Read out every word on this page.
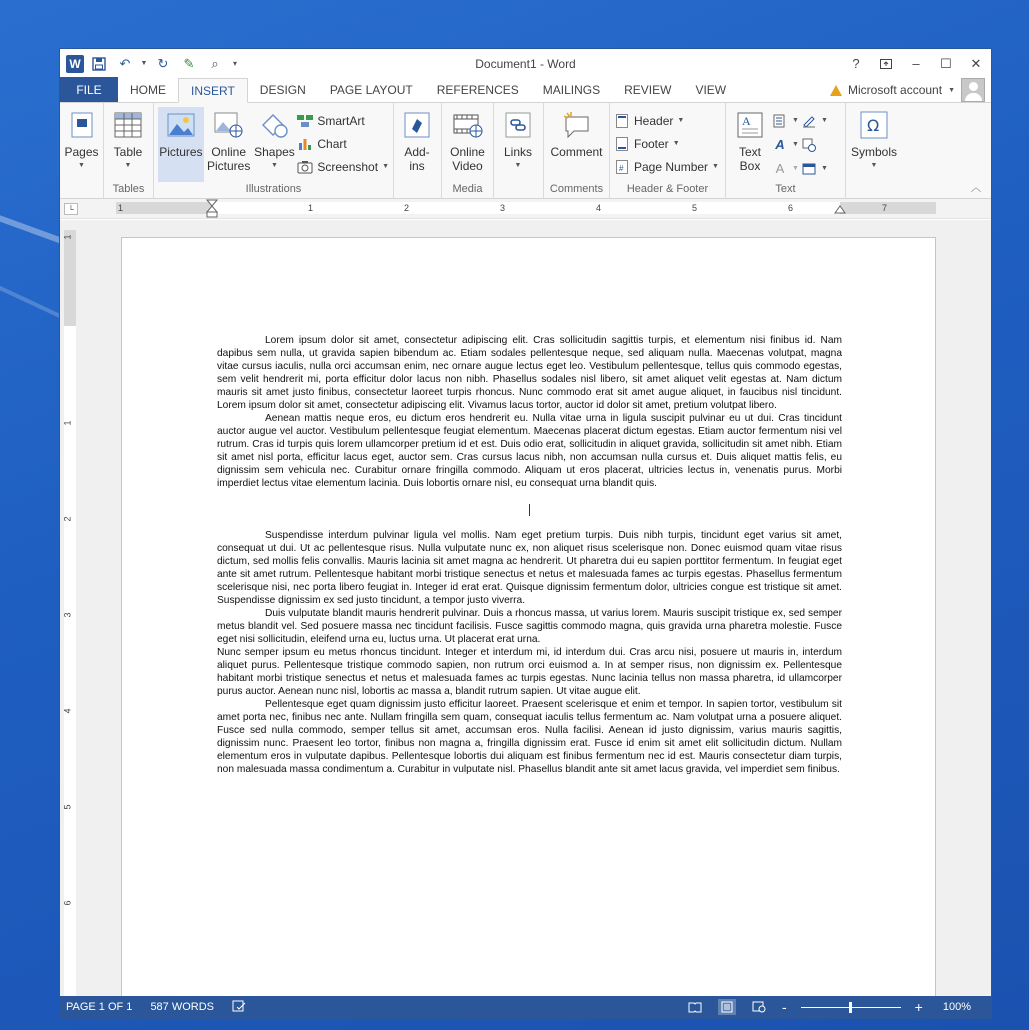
W	↶	▼ ↻	✎	⌕	▾	Document1 - Word	?	–	☐	✕
FILE	HOME	INSERT	DESIGN	PAGE LAYOUT	REFERENCES	MAILINGS	REVIEW	VIEW	Microsoft account ▼
Pages
▼
Table
▼
Tables
Pictures Online
Pictures
Shapes
▼
SmartArt
Chart
Screenshot ▼
Illustrations
Add-
ins
Online
Video
Media
Links
▼
Comment
Comments
Header ▼
Footer ▼
# Page Number ▼
Header & Footer
A
Text
Box
▼
A	▼
A	▼
▼
▼
Text
Ω
Symbols
▼
︿
└	1	1	2	3	4	5	6	7
1
1
2
3
4
5
6

Lorem ipsum dolor sit amet, consectetur adipiscing elit. Cras sollicitudin sagittis turpis, et elementum nisi finibus id. Nam dapibus sem nulla, ut gravida sapien bibendum ac. Etiam sodales pellentesque neque, sed aliquam nulla. Maecenas volutpat, magna vitae cursus iaculis, nulla orci accumsan enim, nec ornare augue lectus eget leo. Vestibulum pellentesque, tellus quis commodo egestas, sem velit hendrerit mi, porta efficitur dolor lacus non nibh. Phasellus sodales nisl libero, sit amet aliquet velit egestas at. Nam dictum mauris sit amet justo finibus, consectetur laoreet turpis rhoncus. Nunc commodo erat sit amet augue aliquet, in faucibus nisl tincidunt. Lorem ipsum dolor sit amet, consectetur adipiscing elit. Vivamus lacus tortor, auctor id dolor sit amet, pretium volutpat libero.

Aenean mattis neque eros, eu dictum eros hendrerit eu. Nulla vitae urna in ligula suscipit pulvinar eu ut dui. Cras tincidunt auctor augue vel auctor. Vestibulum pellentesque feugiat elementum. Maecenas placerat dictum egestas. Etiam auctor fermentum nisi vel rutrum. Cras id turpis quis lorem ullamcorper pretium id et est. Duis odio erat, sollicitudin in aliquet gravida, sollicitudin sit amet nibh. Etiam sit amet nisl porta, efficitur lacus eget, auctor sem. Cras cursus lacus nibh, non accumsan nulla cursus et. Duis aliquet mattis felis, eu dignissim sem vehicula nec. Curabitur ornare fringilla commodo. Aliquam ut eros placerat, ultricies lectus in, venenatis purus. Morbi imperdiet lectus vitae elementum lacinia. Duis lobortis ornare nisl, eu consequat urna blandit quis.

Suspendisse interdum pulvinar ligula vel mollis. Nam eget pretium turpis. Duis nibh turpis, tincidunt eget varius sit amet, consequat ut dui. Ut ac pellentesque risus. Nulla vulputate nunc ex, non aliquet risus scelerisque non. Donec euismod quam vitae risus dictum, sed mollis felis convallis. Mauris lacinia sit amet magna ac hendrerit. Ut pharetra dui eu sapien porttitor fermentum. In feugiat eget ante sit amet rutrum. Pellentesque habitant morbi tristique senectus et netus et malesuada fames ac turpis egestas. Phasellus fermentum scelerisque nisi, nec porta libero feugiat in. Integer id erat erat. Quisque dignissim fermentum dolor, ultricies congue est tristique sit amet. Suspendisse dignissim ex sed justo tincidunt, a tempor justo viverra.

Duis vulputate blandit mauris hendrerit pulvinar. Duis a rhoncus massa, ut varius lorem. Mauris suscipit tristique ex, sed semper metus blandit vel. Sed posuere massa nec tincidunt facilisis. Fusce sagittis commodo magna, quis gravida urna pharetra molestie. Fusce eget nisi sollicitudin, eleifend urna eu, luctus urna. Ut placerat erat urna.

Nunc semper ipsum eu metus rhoncus tincidunt. Integer et interdum mi, id interdum dui. Cras arcu nisi, posuere ut mauris in, interdum aliquet purus. Pellentesque tristique commodo sapien, non rutrum orci euismod a. In at semper risus, non dignissim ex. Pellentesque habitant morbi tristique senectus et netus et malesuada fames ac turpis egestas. Nunc lacinia tellus non massa pharetra, id ullamcorper purus auctor. Aenean nunc nisl, lobortis ac massa a, blandit rutrum sapien. Ut vitae augue elit.

Pellentesque eget quam dignissim justo efficitur laoreet. Praesent scelerisque et enim et tempor. In sapien tortor, vestibulum sit amet porta nec, finibus nec ante. Nullam fringilla sem quam, consequat iaculis tellus fermentum ac. Nam volutpat urna a posuere aliquet. Fusce sed nulla commodo, semper tellus sit amet, accumsan eros. Nulla facilisi. Aenean id justo dignissim, varius mauris sagittis, dignissim nunc. Praesent leo tortor, finibus non magna a, fringilla dignissim erat. Fusce id enim sit amet elit sollicitudin dictum. Nullam elementum eros in vulputate dapibus. Pellentesque lobortis dui aliquam est finibus fermentum nec id est. Mauris consectetur diam turpis, non malesuada massa condimentum a. Curabitur in vulputate nisl. Phasellus blandit ante sit amet lacus gravida, vel imperdiet sem finibus.

PAGE 1 OF 1 587 WORDS	-	+ 100%
